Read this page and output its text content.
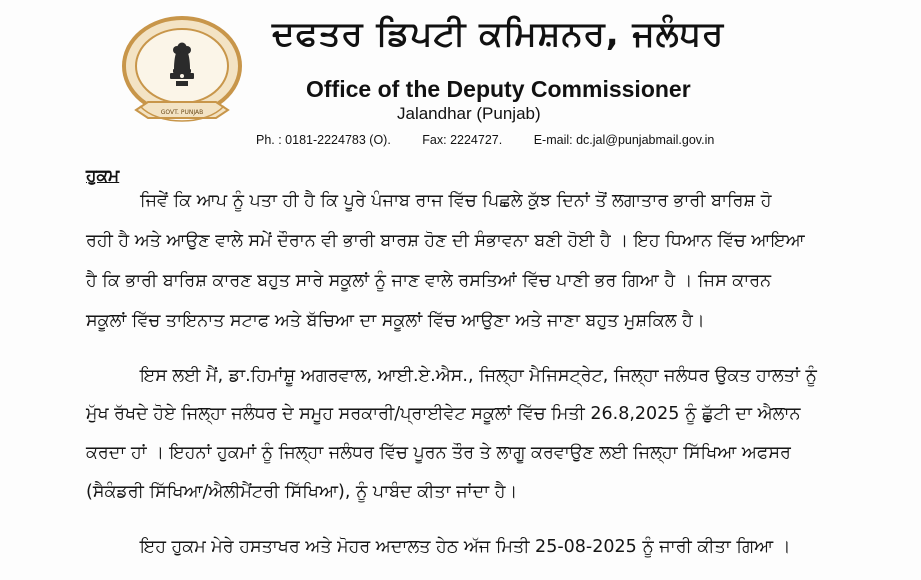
GOVT. PUNJAB
ਦਫਤਰ ਡਿਪਟੀ ਕਮਿਸ਼ਨਰ, ਜਲੰਧਰ
Office of the Deputy Commissioner
Jalandhar (Punjab)
Ph. : 0181-2224783 (O).	Fax: 2224727.	E-mail: dc.jal@punjabmail.gov.in
ਹੁਕਮ
ਜਿਵੇਂ ਕਿ ਆਪ ਨੂੰ ਪਤਾ ਹੀ ਹੈ ਕਿ ਪੂਰੇ ਪੰਜਾਬ ਰਾਜ ਵਿੱਚ ਪਿਛਲੇ ਕੁੱਝ ਦਿਨਾਂ ਤੋਂ ਲਗਾਤਾਰ ਭਾਰੀ ਬਾਰਿਸ਼ ਹੋ
ਰਹੀ ਹੈ ਅਤੇ ਆਉਣ ਵਾਲੇ ਸਮੇਂ ਦੌਰਾਨ ਵੀ ਭਾਰੀ ਬਾਰਸ਼ ਹੋਣ ਦੀ ਸੰਭਾਵਨਾ ਬਣੀ ਹੋਈ ਹੈ । ਇਹ ਧਿਆਨ ਵਿੱਚ ਆਇਆ
ਹੈ ਕਿ ਭਾਰੀ ਬਾਰਿਸ਼ ਕਾਰਣ ਬਹੁਤ ਸਾਰੇ ਸਕੂਲਾਂ ਨੂੰ ਜਾਣ ਵਾਲੇ ਰਸਤਿਆਂ ਵਿੱਚ ਪਾਣੀ ਭਰ ਗਿਆ ਹੈ । ਜਿਸ ਕਾਰਨ
ਸਕੂਲਾਂ ਵਿੱਚ ਤਾਇਨਾਤ ਸਟਾਫ ਅਤੇ ਬੱਚਿਆ ਦਾ ਸਕੂਲਾਂ ਵਿੱਚ ਆਉਣਾ ਅਤੇ ਜਾਣਾ ਬਹੁਤ ਮੁਸ਼ਕਿਲ ਹੈ।
ਇਸ ਲਈ ਮੈਂ, ਡਾ.ਹਿਮਾਂਸ਼ੂ ਅਗਰਵਾਲ, ਆਈ.ਏ.ਐਸ., ਜਿਲ੍ਹਾ ਮੈਜਿਸਟ੍ਰੇਟ, ਜਿਲ੍ਹਾ ਜਲੰਧਰ ਉਕਤ ਹਾਲਤਾਂ ਨੂੰ
ਮੁੱਖ ਰੱਖਦੇ ਹੋਏ ਜਿਲ੍ਹਾ ਜਲੰਧਰ ਦੇ ਸਮੂਹ ਸਰਕਾਰੀ/ਪ੍ਰਾਈਵੇਟ ਸਕੂਲਾਂ ਵਿੱਚ ਮਿਤੀ 26.8,2025 ਨੂੰ ਛੁੱਟੀ ਦਾ ਐਲਾਨ
ਕਰਦਾ ਹਾਂ । ਇਹਨਾਂ ਹੁਕਮਾਂ ਨੂੰ ਜਿਲ੍ਹਾ ਜਲੰਧਰ ਵਿੱਚ ਪੂਰਨ ਤੌਰ ਤੇ ਲਾਗੂ ਕਰਵਾਉਣ ਲਈ ਜਿਲ੍ਹਾ ਸਿੱਖਿਆ ਅਫਸਰ
(ਸੈਕੰਡਰੀ ਸਿੱਖਿਆ/ਐਲੀਮੈਂਟਰੀ ਸਿੱਖਿਆ), ਨੂੰ ਪਾਬੰਦ ਕੀਤਾ ਜਾਂਦਾ ਹੈ।
ਇਹ ਹੁਕਮ ਮੇਰੇ ਹਸਤਾਖਰ ਅਤੇ ਮੋਹਰ ਅਦਾਲਤ ਹੇਠ ਅੱਜ ਮਿਤੀ 25-08-2025 ਨੂੰ ਜਾਰੀ ਕੀਤਾ ਗਿਆ ।
